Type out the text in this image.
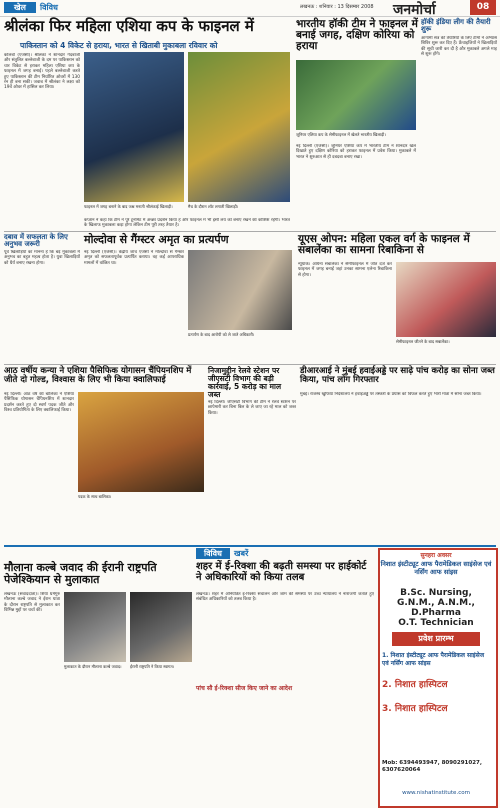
खेल	विविध	लखनऊ : शनिवार : 13 दिसम्बर 2008 जनमोर्चा	08
श्रीलंका फिर महिला एशिया कप के फाइनल में
पाकिस्तान को 4 विकेट से हराया, भारत से खिताबी मुकाबला रविवार को
कोलंबो (एजेंसी)। श्रीलंका ने शानदार गेंदबाजी और संतुलित बल्लेबाजी के दम पर पाकिस्तान को चार विकेट से हराकर महिला एशिया कप के फाइनल में जगह बनाई। पहले बल्लेबाजी करते हुए पाकिस्तान की टीम निर्धारित ओवरों में 130 रन ही बना सकी। जवाब में श्रीलंका ने लक्ष्य को 19वें ओवर में हासिल कर लिया।
फाइनल में जगह बनाने के बाद जश्न मनाती श्रीलंकाई खिलाड़ी।	मैच के दौरान शॉट लगाती खिलाड़ी।
कप्तान ने कहा कि टीम ने पूरे टूर्नामेंट में अच्छा प्रदर्शन किया है और फाइनल में भी इसी लय को बनाए रखने की कोशिश रहेगी। भारत के खिलाफ मुकाबला कड़ा होगा लेकिन टीम पूरी तरह तैयार है।
भारतीय हॉकी टीम ने फाइनल में बनाई जगह, दक्षिण कोरिया को हराया
जूनियर एशिया कप के सेमीफाइनल में खेलते भारतीय खिलाड़ी।
नई दिल्ली (एजेंसी)। जूनियर एशिया कप में भारतीय टीम ने शानदार खेल दिखाते हुए दक्षिण कोरिया को हराकर फाइनल में प्रवेश किया। मुकाबले में भारत ने शुरुआत से ही दबदबा बनाए रखा।
हॉकी इंडिया लीग की तैयारी शुरू
आगामी सत्र की तैयारियों के लिए टीमों ने अभ्यास शिविर शुरू कर दिए हैं। फ्रेंचाइजियों ने खिलाड़ियों की सूची जारी कर दी है और मुकाबले अगले माह से शुरू होंगे।
दबाव में सफलता के लिए अनुभव जरूरी
पूर्व खिलाड़ियों का मानना है कि बड़े मुकाबलों में अनुभव का बहुत महत्व होता है। युवा खिलाड़ियों को धैर्य बनाए रखना होगा।
मोल्दोवा से गैंग्स्टर अमृत का प्रत्यर्पण
नई दिल्ली (एजेंसी)। केंद्रीय जांच एजेंसी ने मोल्दोवा से गैंग्स्टर अमृत को सफलतापूर्वक प्रत्यर्पित कराया। वह कई आपराधिक मामलों में वांछित था।
प्रत्यर्पण के बाद आरोपी को ले जाते अधिकारी।
यूएस ओपन: महिला एकल वर्ग के फाइनल में सबालेंका का सामना रिबाकिना से
न्यूयॉर्क। आर्यना सबालेंका ने सेमीफाइनल में जीत दर्ज कर फाइनल में जगह बनाई जहां उनका सामना एलेना रिबाकिना से होगा।
सेमीफाइनल जीतने के बाद सबालेंका।
आठ वर्षीय कन्या ने एशिया पैसिफिक योगासन चैंपियनशिप में जीते दो गोल्ड, विश्वास के लिए भी किया क्वालिफाई
नई दिल्ली। आठ वर्ष की बालिका ने एशिया पैसिफिक योगासन चैंपियनशिप में शानदार प्रदर्शन करते हुए दो स्वर्ण पदक जीते और विश्व प्रतियोगिता के लिए क्वालिफाई किया।
पदक के साथ बालिका।
निजामुद्दीन रेलवे स्टेशन पर जीएसटी विभाग की बड़ी कार्रवाई, 5 करोड़ का माल जब्त
नई दिल्ली। जीएसटी विभाग की टीम ने रेलवे स्टेशन पर छापेमारी कर बिना बिल के ले जाए जा रहे माल को जब्त किया।
डीआरआई ने मुंबई हवाईअड्डे पर साढ़े पांच करोड़ का सोना जब्त किया, पांच लोग गिरफ्तार
मुंबई। राजस्व खुफिया निदेशालय ने हवाईअड्डे पर तस्करी के प्रयास को विफल करते हुए भारी मात्रा में सोना जब्त किया।
विविध	खबरें
मौलाना कल्बे जवाद की ईरानी राष्ट्रपति पेजेश्कियान से मुलाकात
लखनऊ (संवाददाता)। शिया धर्मगुरु मौलाना कल्बे जवाद ने ईरान यात्रा के दौरान राष्ट्रपति से मुलाकात कर विभिन्न मुद्दों पर चर्चा की।
मुलाकात के दौरान मौलाना कल्बे जवाद।	ईरानी राष्ट्रपति ने किया स्वागत।
शहर में ई-रिक्शा की बढ़ती समस्या पर हाईकोर्ट ने अधिकारियों को किया तलब
लखनऊ। शहर में अनियंत्रित ई-रिक्शा संचालन और जाम की समस्या पर उच्च न्यायालय ने नाराजगी जताते हुए संबंधित अधिकारियों को तलब किया है।
पांच सौ ई-रिक्शा सीज किए जाने का आदेश
सुनहरा अवसर
निशात इंस्टीट्यूट आफ पैरामेडिकल साइंसेज एवं नर्सिंग आफ सांइस
B.Sc. Nursing,
G.N.M., A.N.M.,
D.Pharma
O.T. Technician
प्रवेश प्रारम्भ
1. निशात इंस्टीट्यूट आफ पैरामेडिकल साइंसेज एवं नर्सिंग आफ सांइस
2. निशात हास्पिटल
3. निशात हास्पिटल
Mob: 6394493947, 8090291027, 6307620064
www.nishatinstitute.com
